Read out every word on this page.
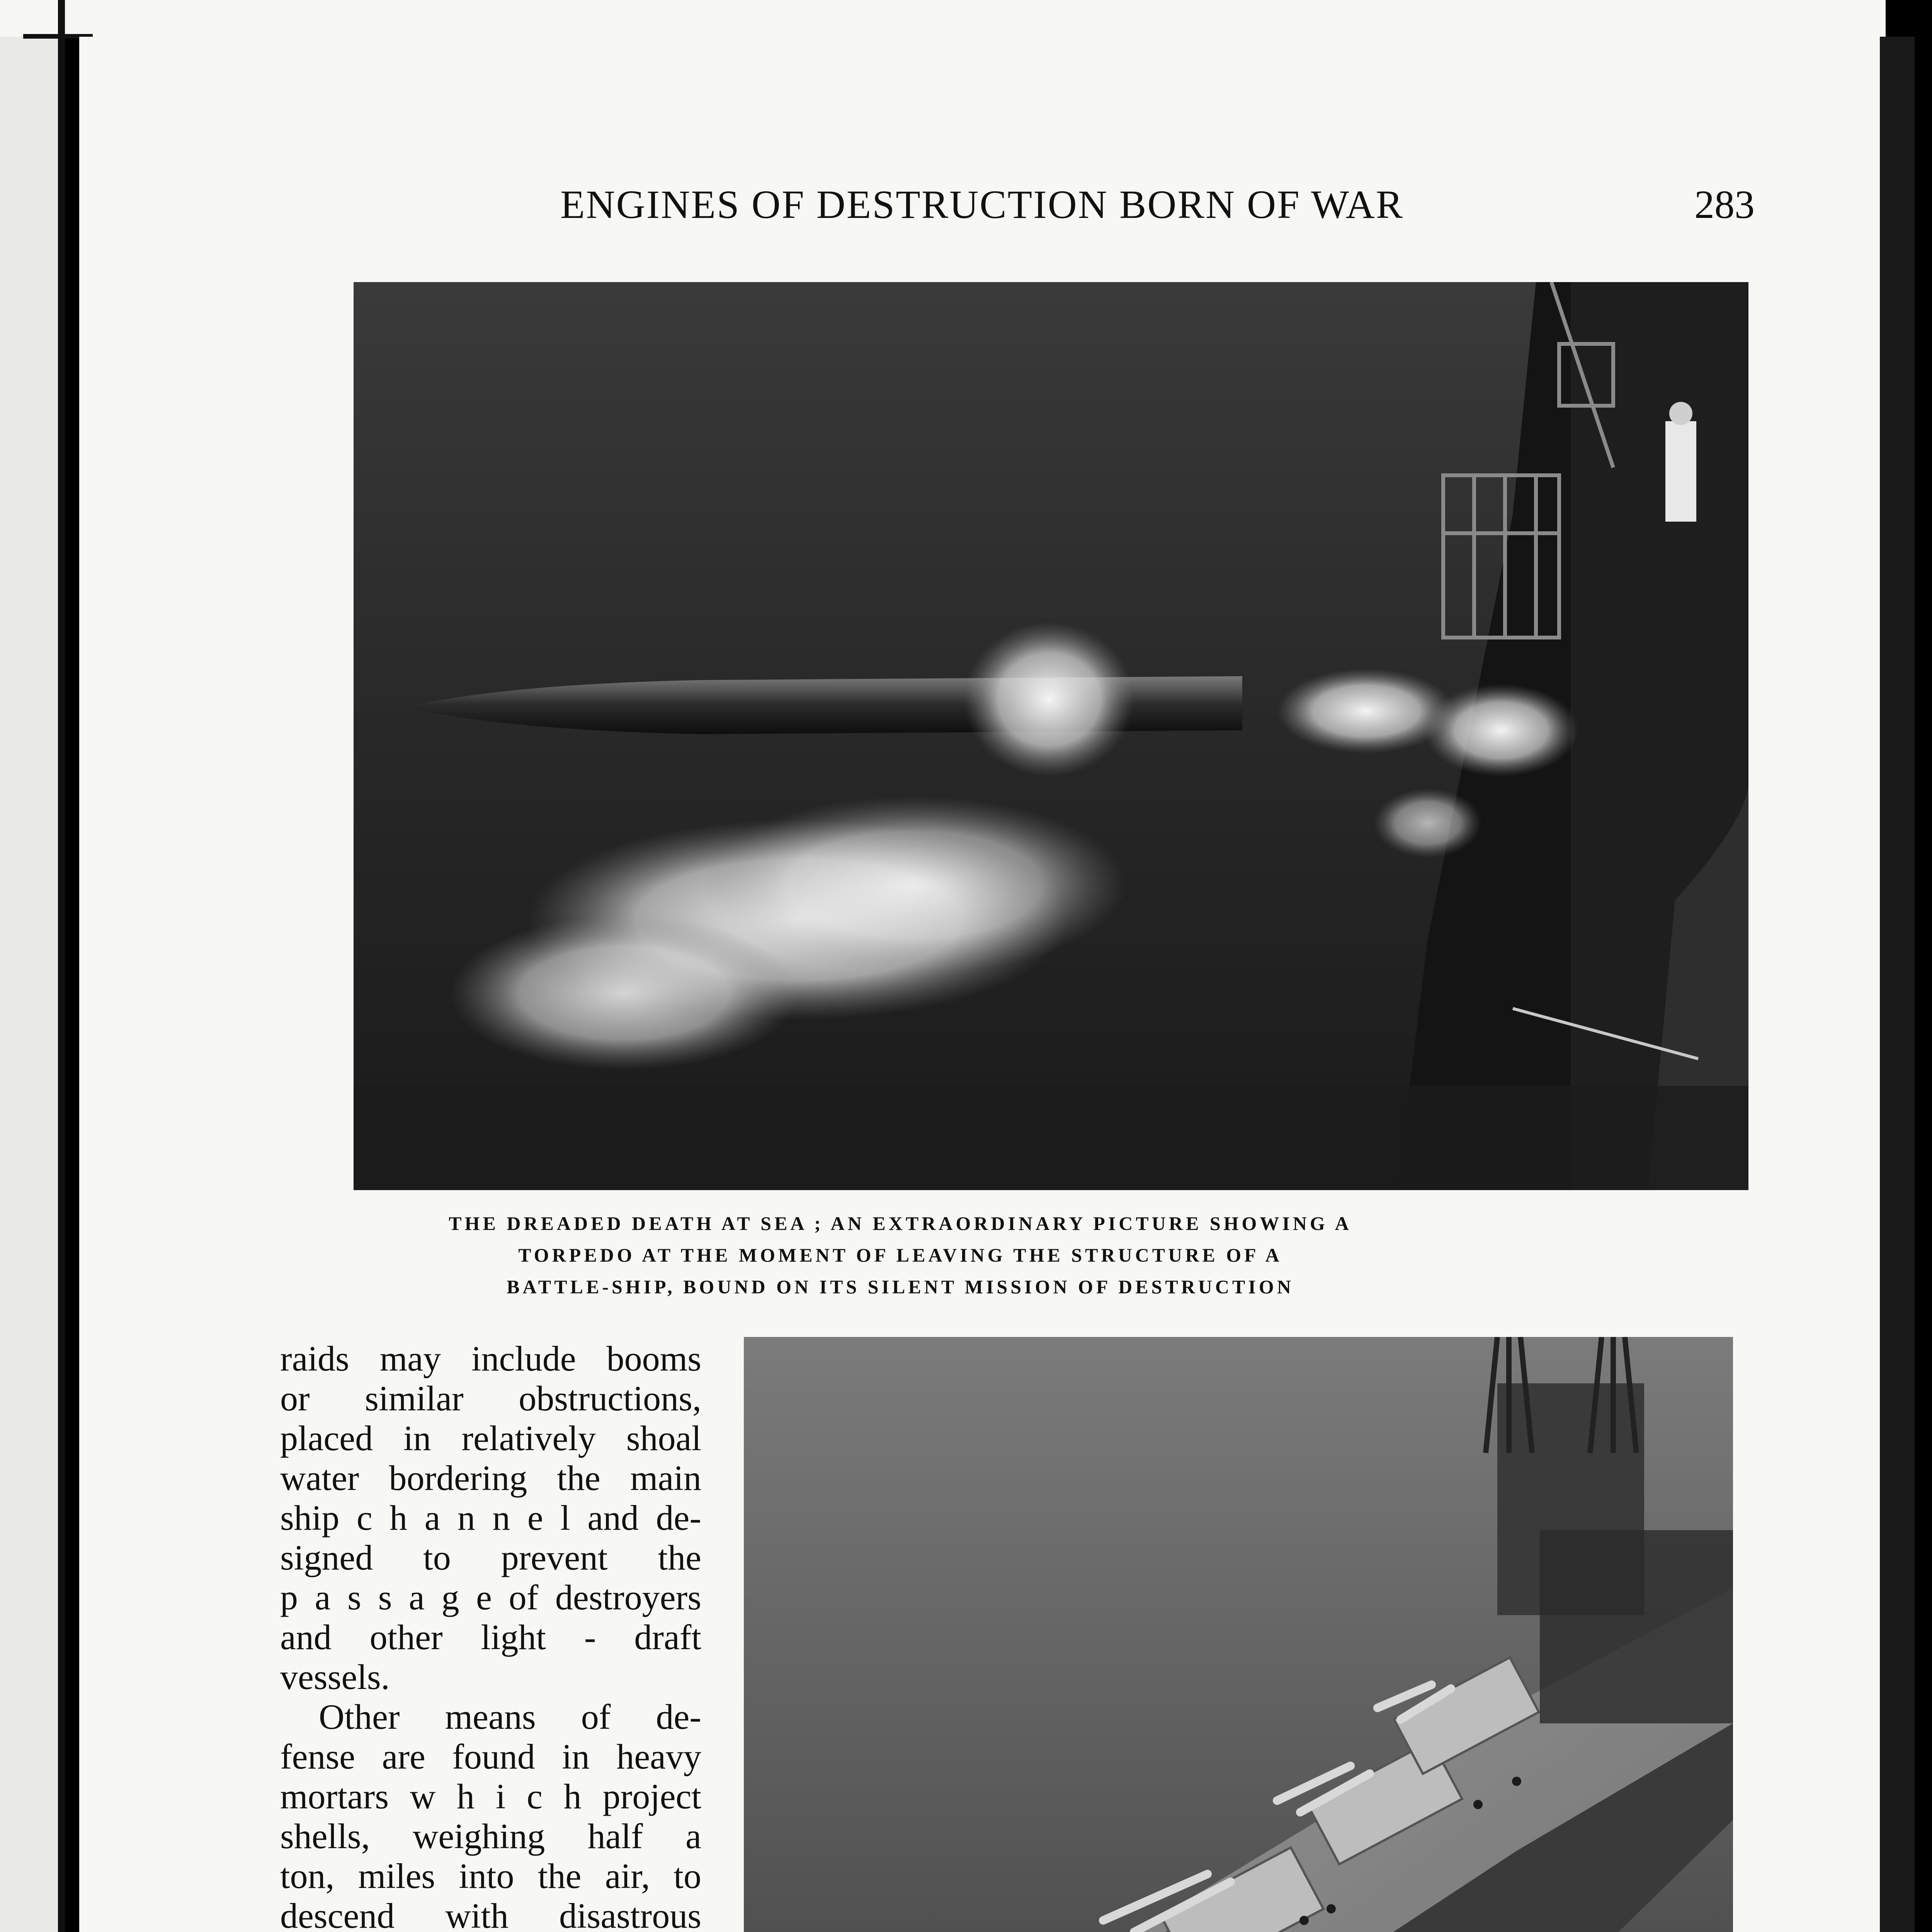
ENGINES OF DESTRUCTION BORN OF WAR	283
THE DREADED DEATH AT SEA ; AN EXTRAORDINARY PICTURE SHOWING A
TORPEDO AT THE MOMENT OF LEAVING THE STRUCTURE OF A
BATTLE-SHIP, BOUND ON ITS SILENT MISSION OF DESTRUCTION
raids may include booms
or similar obstructions,
placed in relatively shoal
water bordering the main
ship c h a n n e l and de-
signed to prevent the
p a s s a g e of destroyers
and other light - draft
vessels.
Other means of de-
fense are found in heavy
mortars w h i c h project
shells, weighing half a
ton, miles into the air, to
descend with disastrous
